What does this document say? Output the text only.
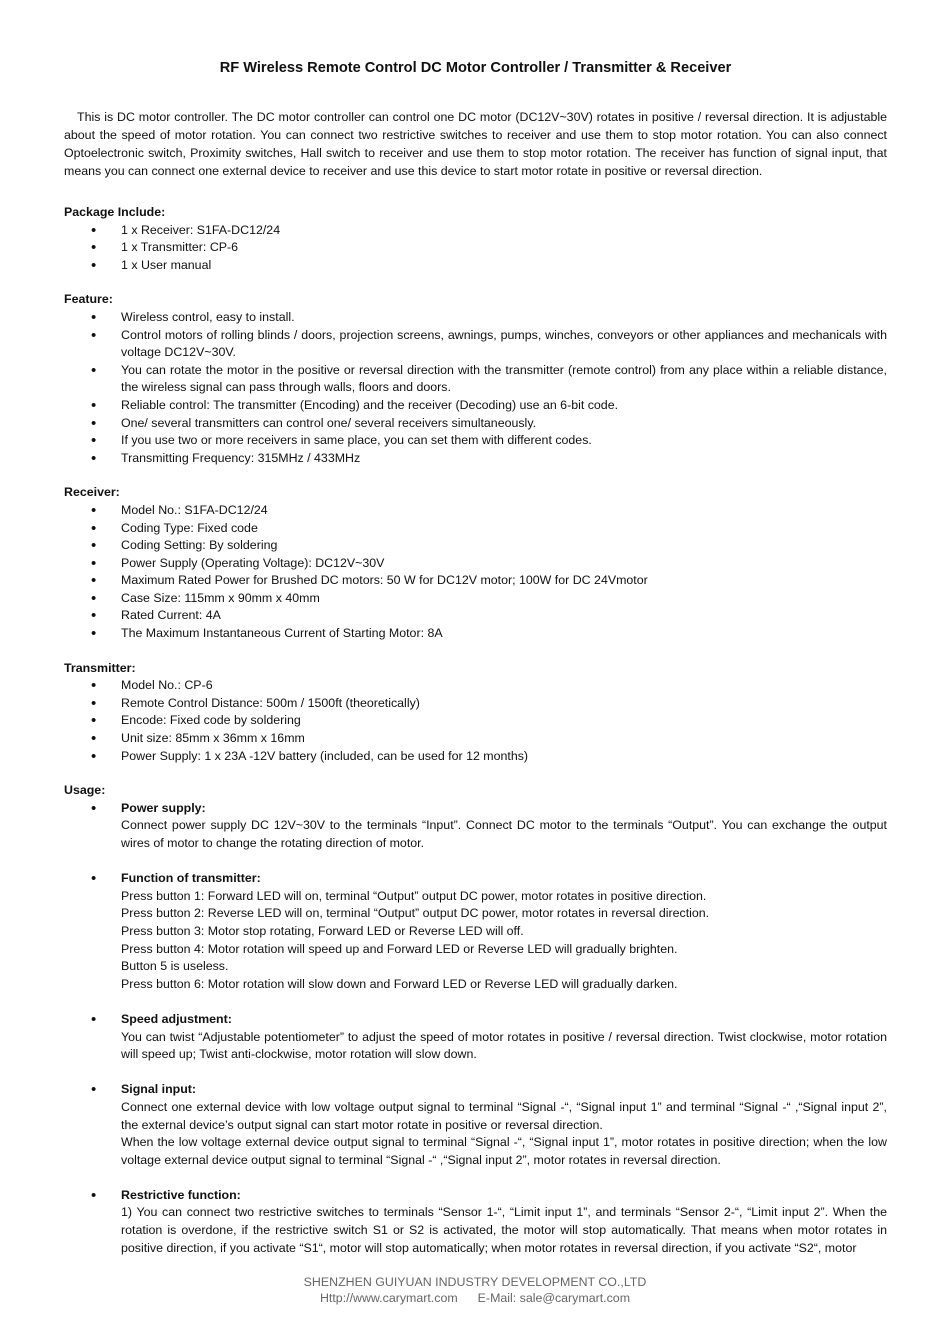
RF Wireless Remote Control DC Motor Controller / Transmitter & Receiver
This is DC motor controller. The DC motor controller can control one DC motor (DC12V~30V) rotates in positive / reversal direction. It is adjustable about the speed of motor rotation. You can connect two restrictive switches to receiver and use them to stop motor rotation. You can also connect Optoelectronic switch, Proximity switches, Hall switch to receiver and use them to stop motor rotation. The receiver has function of signal input, that means you can connect one external device to receiver and use this device to start motor rotate in positive or reversal direction.
Package Include:
• 1 x Receiver: S1FA-DC12/24
• 1 x Transmitter: CP-6
• 1 x User manual
Feature:
• Wireless control, easy to install.
• Control motors of rolling blinds / doors, projection screens, awnings, pumps, winches, conveyors or other appliances and mechanicals with voltage DC12V~30V.
• You can rotate the motor in the positive or reversal direction with the transmitter (remote control) from any place within a reliable distance, the wireless signal can pass through walls, floors and doors.
• Reliable control: The transmitter (Encoding) and the receiver (Decoding) use an 6-bit code.
• One/ several transmitters can control one/ several receivers simultaneously.
• If you use two or more receivers in same place, you can set them with different codes.
• Transmitting Frequency: 315MHz / 433MHz
Receiver:
• Model No.: S1FA-DC12/24
• Coding Type: Fixed code
• Coding Setting: By soldering
• Power Supply (Operating Voltage): DC12V~30V
• Maximum Rated Power for Brushed DC motors: 50 W for DC12V motor; 100W for DC 24Vmotor
• Case Size: 115mm x 90mm x 40mm
• Rated Current: 4A
• The Maximum Instantaneous Current of Starting Motor: 8A
Transmitter:
• Model No.: CP-6
• Remote Control Distance: 500m / 1500ft (theoretically)
• Encode: Fixed code by soldering
• Unit size: 85mm x 36mm x 16mm
• Power Supply: 1 x 23A -12V battery (included, can be used for 12 months)
Usage:
• Power supply:
Connect power supply DC 12V~30V to the terminals “Input”. Connect DC motor to the terminals “Output”. You can exchange the output wires of motor to change the rotating direction of motor.
• Function of transmitter:
Press button 1: Forward LED will on, terminal “Output” output DC power, motor rotates in positive direction.
Press button 2: Reverse LED will on, terminal “Output” output DC power, motor rotates in reversal direction.
Press button 3: Motor stop rotating, Forward LED or Reverse LED will off.
Press button 4: Motor rotation will speed up and Forward LED or Reverse LED will gradually brighten.
Button 5 is useless.
Press button 6: Motor rotation will slow down and Forward LED or Reverse LED will gradually darken.
• Speed adjustment:
You can twist “Adjustable potentiometer” to adjust the speed of motor rotates in positive / reversal direction. Twist clockwise, motor rotation will speed up; Twist anti-clockwise, motor rotation will slow down.
• Signal input:
Connect one external device with low voltage output signal to terminal “Signal -“, “Signal input 1” and terminal “Signal -“ ,“Signal input 2”, the external device’s output signal can start motor rotate in positive or reversal direction.
When the low voltage external device output signal to terminal “Signal -“, “Signal input 1”, motor rotates in positive direction; when the low voltage external device output signal to terminal “Signal -“ ,“Signal input 2”, motor rotates in reversal direction.
• Restrictive function:
1) You can connect two restrictive switches to terminals “Sensor 1-“, “Limit input 1”, and terminals “Sensor 2-“, “Limit input 2”. When the rotation is overdone, if the restrictive switch S1 or S2 is activated, the motor will stop automatically. That means when motor rotates in positive direction, if you activate “S1“, motor will stop automatically; when motor rotates in reversal direction, if you activate “S2“, motor
SHENZHEN GUIYUAN INDUSTRY DEVELOPMENT CO.,LTD
Http://www.carymart.com E-Mail: sale@carymart.com
